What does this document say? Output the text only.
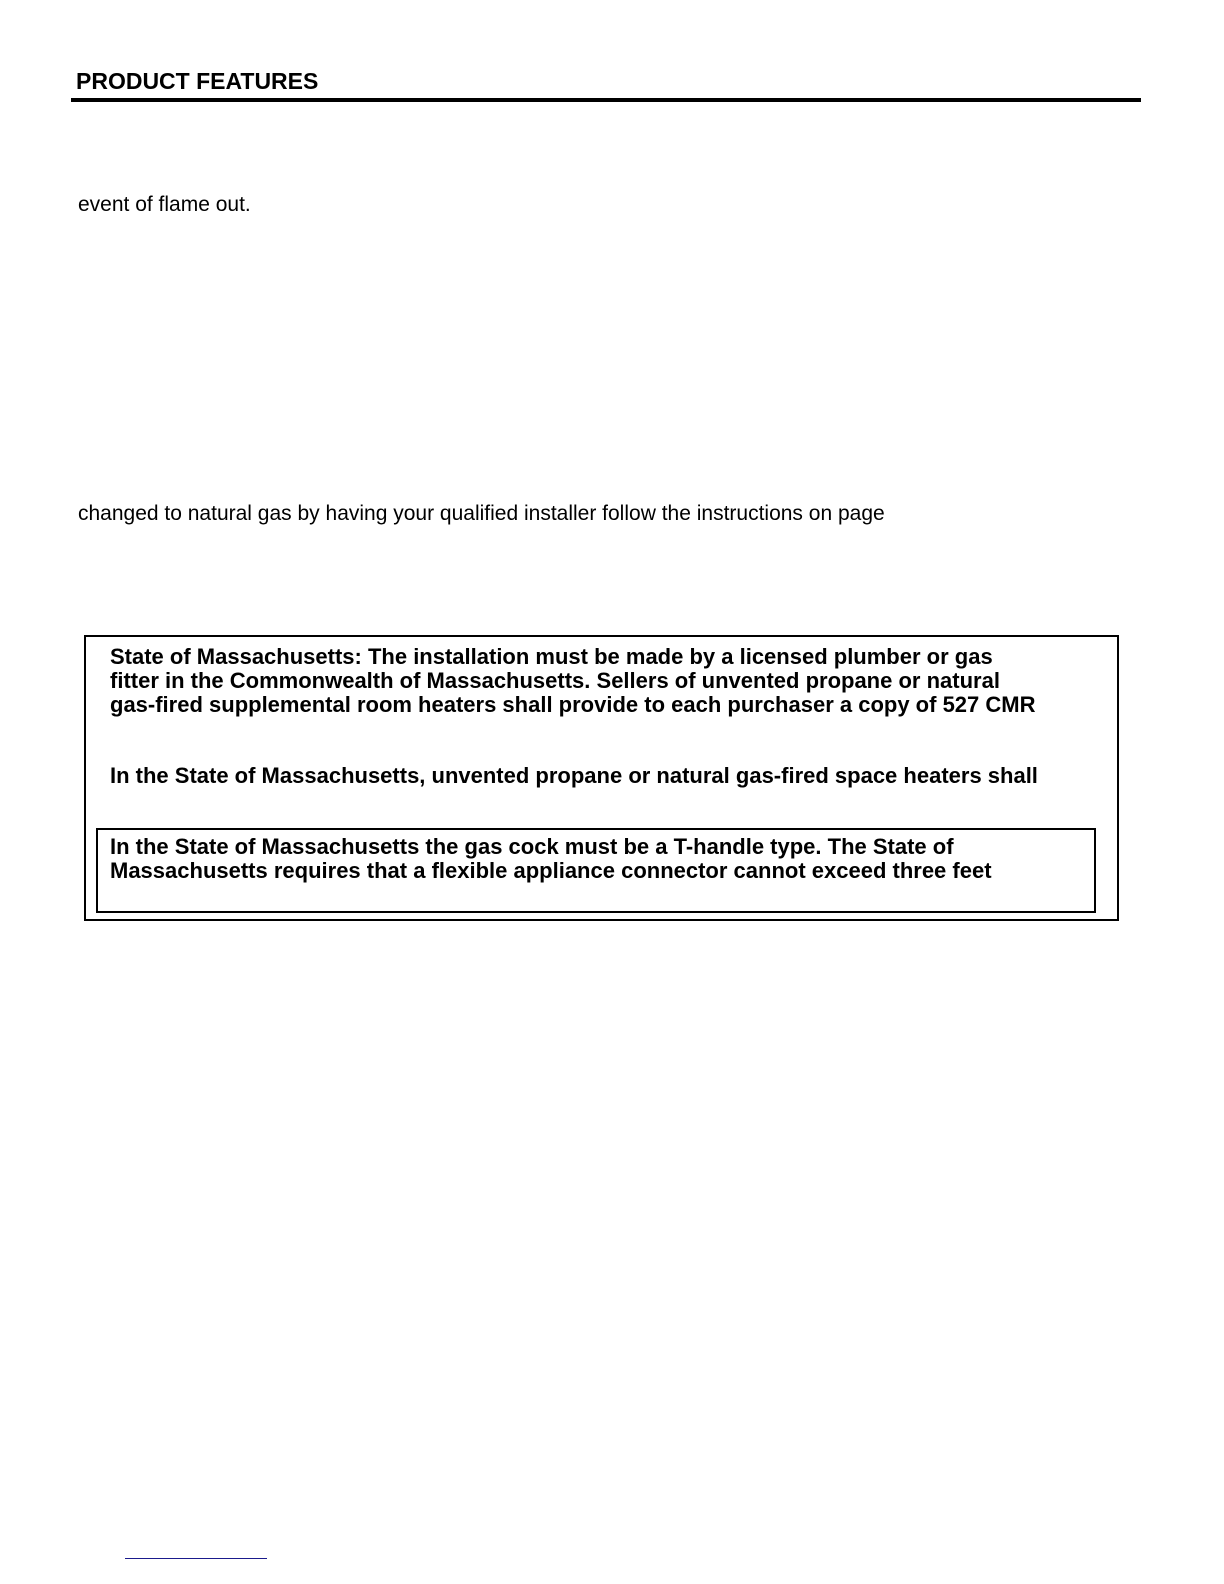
PRODUCT FEATURES

event of flame out.

changed to natural gas by having your qualified installer follow the instructions on page

State of Massachusetts: The installation must be made by a licensed plumber or gas

fitter in the Commonwealth of Massachusetts. Sellers of unvented propane or natural

gas-fired supplemental room heaters shall provide to each purchaser a copy of 527 CMR

In the State of Massachusetts, unvented propane or natural gas-fired space heaters shall

In the State of Massachusetts the gas cock must be a T-handle type. The State of

Massachusetts requires that a flexible appliance connector cannot exceed three feet
